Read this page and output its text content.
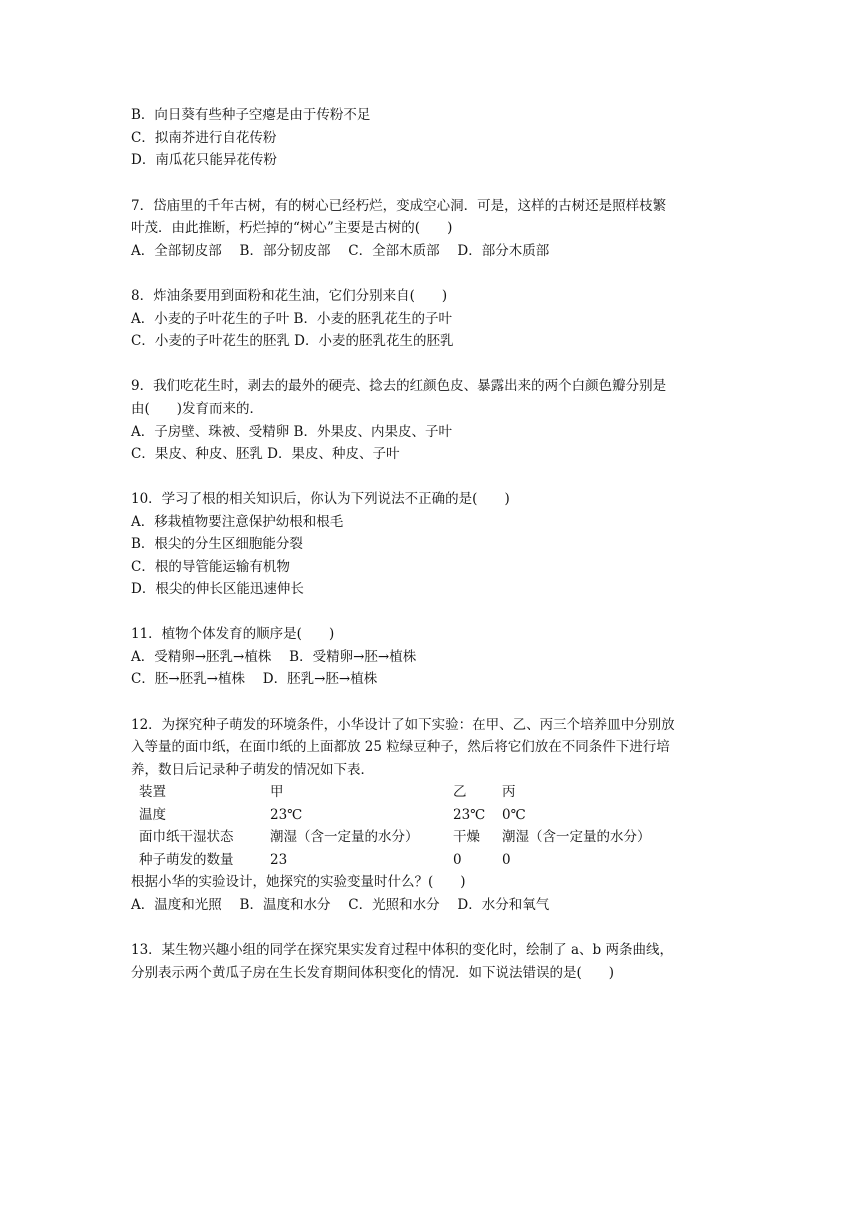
B．向日葵有些种子空瘪是由于传粉不足
C．拟南芥进行自花传粉
D．南瓜花只能异花传粉
7．岱庙里的千年古树，有的树心已经朽烂，变成空心洞．可是，这样的古树还是照样枝繁
叶茂．由此推断，朽烂掉的“树心”主要是古树的(　　)
A．全部韧皮部　 B．部分韧皮部　 C．全部木质部　 D．部分木质部
8．炸油条要用到面粉和花生油，它们分别来自(　　)
A．小麦的子叶花生的子叶 B．小麦的胚乳花生的子叶
C．小麦的子叶花生的胚乳 D．小麦的胚乳花生的胚乳
9．我们吃花生时，剥去的最外的硬壳、捻去的红颜色皮、暴露出来的两个白颜色瓣分别是
由(　　)发育而来的．
A．子房壁、珠被、受精卵 B．外果皮、内果皮、子叶
C．果皮、种皮、胚乳 D．果皮、种皮、子叶
10．学习了根的相关知识后，你认为下列说法不正确的是(　　)
A．移栽植物要注意保护幼根和根毛
B．根尖的分生区细胞能分裂
C．根的导管能运输有机物
D．根尖的伸长区能迅速伸长
11．植物个体发育的顺序是(　　)
A．受精卵→胚乳→植株　 B．受精卵→胚→植株
C．胚→胚乳→植株　 D．胚乳→胚→植株
12．为探究种子萌发的环境条件，小华设计了如下实验：在甲、乙、丙三个培养皿中分别放
入等量的面巾纸，在面巾纸的上面都放 25 粒绿豆种子，然后将它们放在不同条件下进行培
养，数日后记录种子萌发的情况如下表．
装置	甲	乙	丙
温度	23℃	23℃ 0℃
面巾纸干湿状态	潮湿（含一定量的水分）	干燥 潮湿（含一定量的水分）
种子萌发的数量	23	0	0
根据小华的实验设计，她探究的实验变量时什么？(　　)
A．温度和光照　 B．温度和水分　 C．光照和水分　 D．水分和氧气
13．某生物兴趣小组的同学在探究果实发育过程中体积的变化时，绘制了 a、b 两条曲线，
分别表示两个黄瓜子房在生长发育期间体积变化的情况．如下说法错误的是(　　)
